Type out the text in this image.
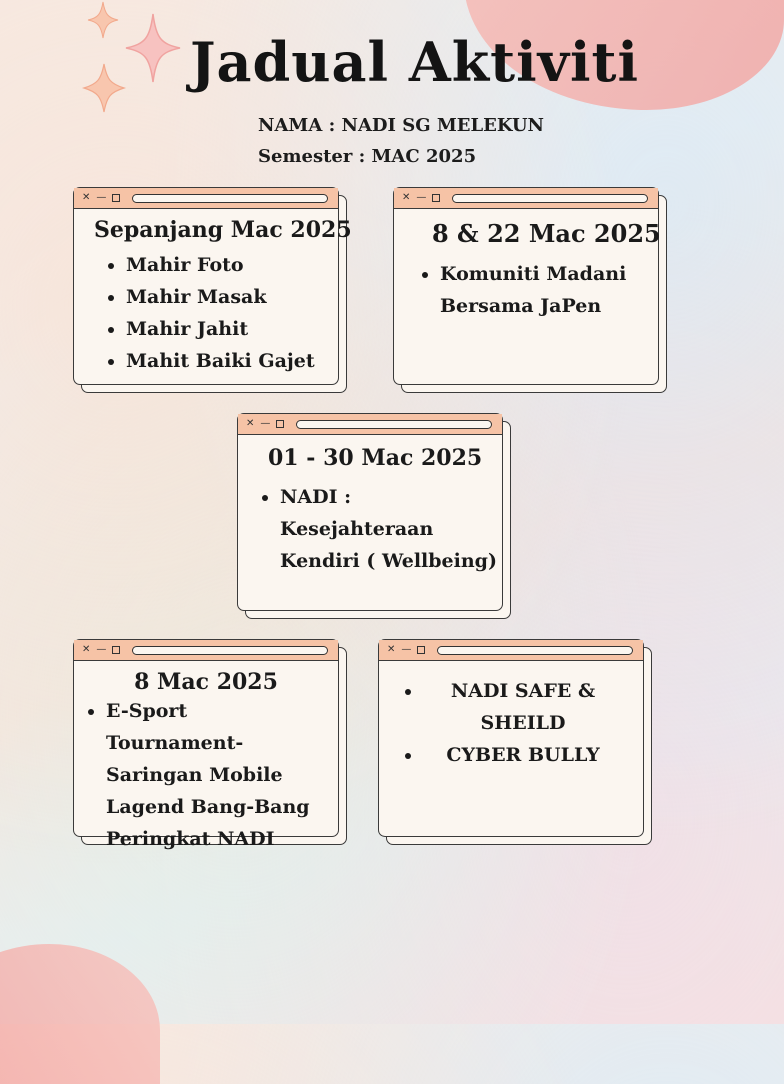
Jadual Aktiviti
NAMA : NADI SG MELEKUN
Semester : MAC 2025
✕ —
Sepanjang Mac 2025
• Mahir Foto
• Mahir Masak
• Mahir Jahit
• Mahit Baiki Gajet
✕ —
8 & 22 Mac 2025
• Komuniti Madani Bersama JaPen
✕ —
01 - 30 Mac 2025
• NADI : Kesejahteraan Kendiri ( Wellbeing)
✕ —
8 Mac 2025
• E-Sport Tournament- Saringan Mobile Lagend Bang-Bang Peringkat NADI
✕ —
• NADI SAFE & SHEILD
• CYBER BULLY
